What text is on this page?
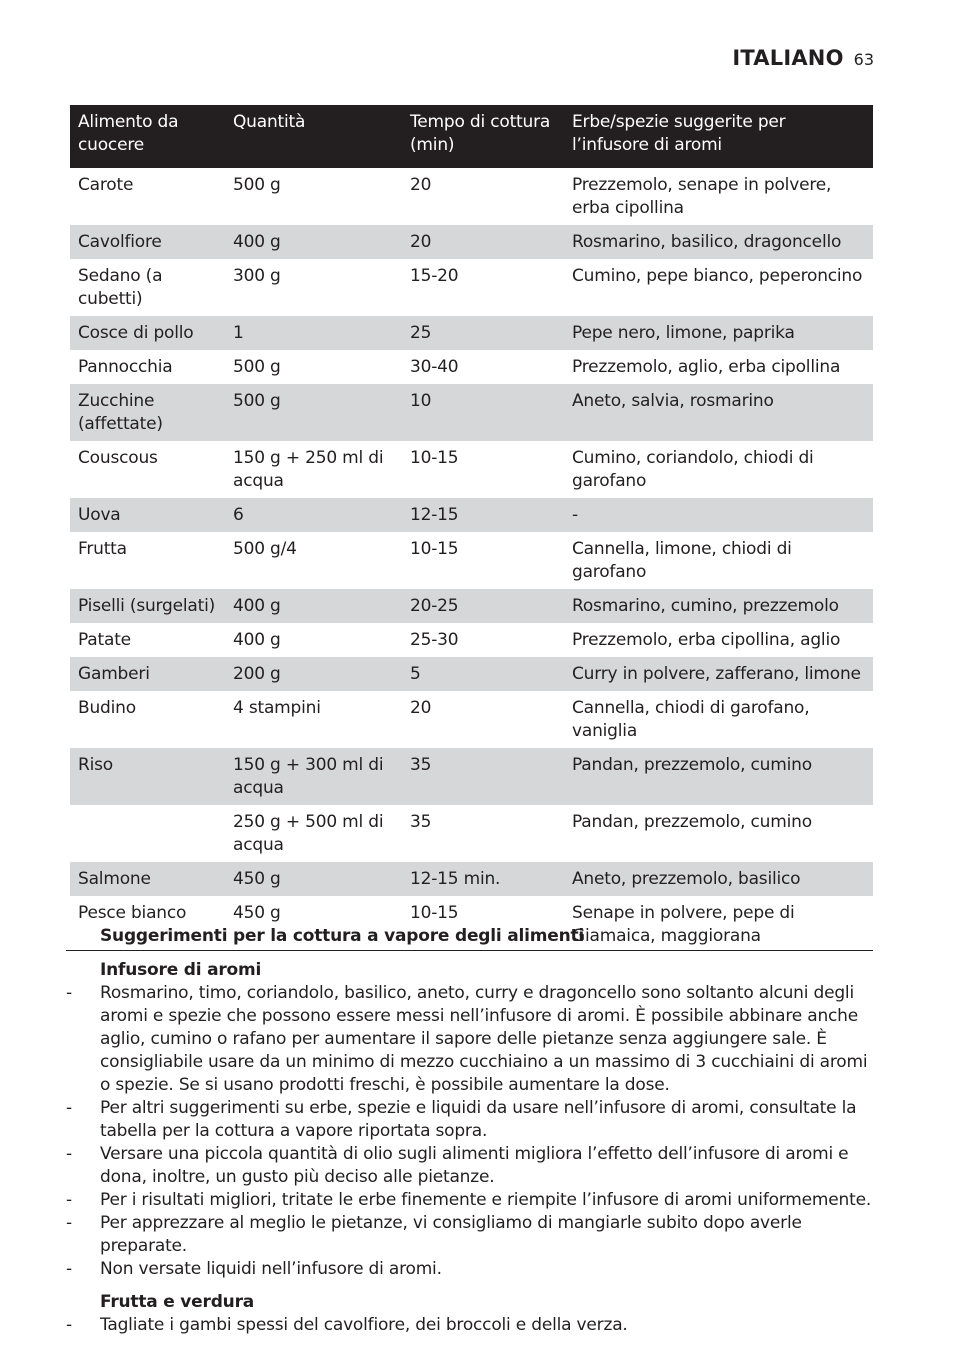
ITALIANO 63
Alimento da cuocere	Quantità	Tempo di cottura (min)	Erbe/spezie suggerite per l’infusore di aromi
Carote	500 g	20	Prezzemolo, senape in polvere, erba cipollina
Cavolfiore	400 g	20	Rosmarino, basilico, dragoncello
Sedano (a cubetti)	300 g	15-20	Cumino, pepe bianco, peperoncino
Cosce di pollo	1	25	Pepe nero, limone, paprika
Pannocchia	500 g	30-40	Prezzemolo, aglio, erba cipollina
Zucchine (affettate)	500 g	10	Aneto, salvia, rosmarino
Couscous	150 g + 250 ml di acqua	10-15	Cumino, coriandolo, chiodi di garofano
Uova	6	12-15	-
Frutta	500 g/4	10-15	Cannella, limone, chiodi di garofano
Piselli (surgelati)	400 g	20-25	Rosmarino, cumino, prezzemolo
Patate	400 g	25-30	Prezzemolo, erba cipollina, aglio
Gamberi	200 g	5	Curry in polvere, zafferano, limone
Budino	4 stampini	20	Cannella, chiodi di garofano, vaniglia
Riso	150 g + 300 ml di acqua	35	Pandan, prezzemolo, cumino
	250 g + 500 ml di acqua	35	Pandan, prezzemolo, cumino
Salmone	450 g	12-15 min.	Aneto, prezzemolo, basilico
Pesce bianco	450 g	10-15	Senape in polvere, pepe di Giamaica, maggiorana
Suggerimenti per la cottura a vapore degli alimenti
Infusore di aromi
- Rosmarino, timo, coriandolo, basilico, aneto, curry e dragoncello sono soltanto alcuni degli aromi e spezie che possono essere messi nell’infusore di aromi. È possibile abbinare anche aglio, cumino o rafano per aumentare il sapore delle pietanze senza aggiungere sale. È consigliabile usare da un minimo di mezzo cucchiaino a un massimo di 3 cucchiaini di aromi o spezie. Se si usano prodotti freschi, è possibile aumentare la dose.
- Per altri suggerimenti su erbe, spezie e liquidi da usare nell’infusore di aromi, consultate la tabella per la cottura a vapore riportata sopra.
- Versare una piccola quantità di olio sugli alimenti migliora l’effetto dell’infusore di aromi e dona, inoltre, un gusto più deciso alle pietanze.
- Per i risultati migliori, tritate le erbe finemente e riempite l’infusore di aromi uniformemente.
- Per apprezzare al meglio le pietanze, vi consigliamo di mangiarle subito dopo averle preparate.
- Non versate liquidi nell’infusore di aromi.
Frutta e verdura
- Tagliate i gambi spessi del cavolfiore, dei broccoli e della verza.
